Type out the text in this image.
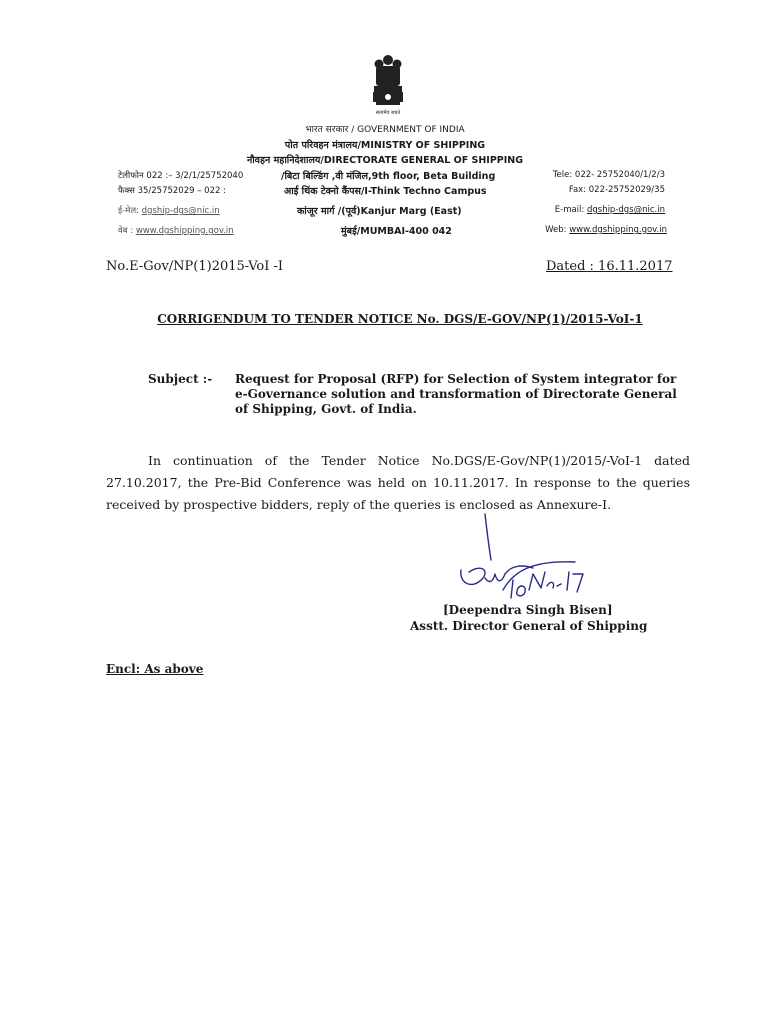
सत्यमेव जयते
भारत सरकार / GOVERNMENT OF INDIA
पोत परिवहन मंत्रालय/MINISTRY OF SHIPPING
नौवहन महानिदेशालय/DIRECTORATE GENERAL OF SHIPPING
टेलीफोन 022 :– 3/2/1/25752040
फैक्स 35/25752029 – 022 :
ई-मेल: dgship-dgs@nic.in
वेब : www.dgshipping.gov.in
/बिटा बिल्डिंग ,वी मंजिल,9th floor, Beta Building
आई थिंक टेक्नो कैंपस/I-Think Techno Campus
कांजूर मार्ग /(पूर्व)Kanjur Marg (East)
मुंबई/MUMBAI-400 042
Tele: 022- 25752040/1/2/3
Fax: 022-25752029/35
E-mail: dgship-dgs@nic.in
Web: www.dgshipping.gov.in
No.E-Gov/NP(1)2015-VoI -I	Dated : 16.11.2017
CORRIGENDUM TO TENDER NOTICE No. DGS/E-GOV/NP(1)/2015-VoI-1
Subject :- Request for Proposal (RFP) for Selection of System integrator for e-Governance solution and transformation of Directorate General of Shipping, Govt. of India.
In continuation of the Tender Notice No.DGS/E-Gov/NP(1)/2015/-VoI-1 dated 27.10.2017, the Pre-Bid Conference was held on 10.11.2017. In response to the queries received by prospective bidders, reply of the queries is enclosed as Annexure-I.
16 Nov.17
[Deependra Singh Bisen]
Asstt. Director General of Shipping
Encl: As above
